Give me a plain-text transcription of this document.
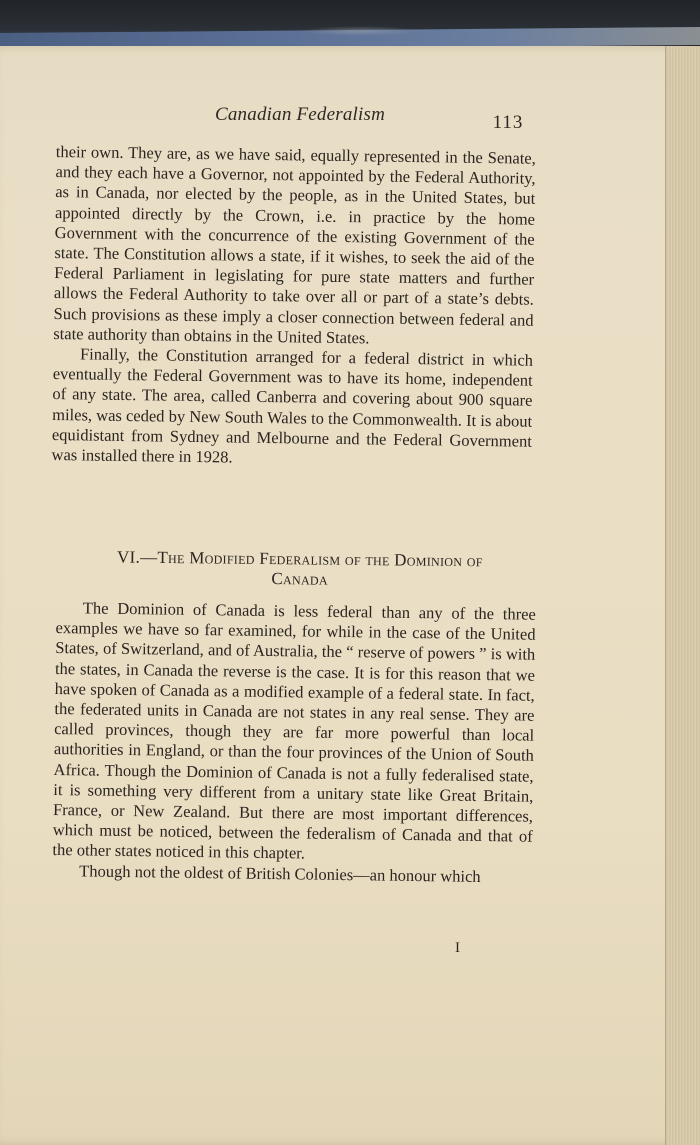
Canadian Federalism	113

their own. They are, as we have said, equally represented in the Senate, and they each have a Governor, not appointed by the Federal Authority, as in Canada, nor elected by the people, as in the United States, but appointed directly by the Crown, i.e. in practice by the home Government with the concurrence of the existing Government of the state. The Constitution allows a state, if it wishes, to seek the aid of the Federal Parliament in legislating for pure state matters and further allows the Federal Authority to take over all or part of a state’s debts. Such provisions as these imply a closer connection between federal and state authority than obtains in the United States.

Finally, the Constitution arranged for a federal district in which eventually the Federal Government was to have its home, independent of any state. The area, called Canberra and covering about 900 square miles, was ceded by New South Wales to the Commonwealth. It is about equidistant from Sydney and Melbourne and the Federal Government was installed there in 1928.

VI.—The Modified Federalism of the Dominion of
Canada

The Dominion of Canada is less federal than any of the three examples we have so far examined, for while in the case of the United States, of Switzerland, and of Australia, the “ reserve of powers ” is with the states, in Canada the reverse is the case. It is for this reason that we have spoken of Canada as a modified example of a federal state. In fact, the federated units in Canada are not states in any real sense. They are called provinces, though they are far more powerful than local authorities in England, or than the four provinces of the Union of South Africa. Though the Dominion of Canada is not a fully federalised state, it is something very different from a unitary state like Great Britain, France, or New Zealand. But there are most important differences, which must be noticed, between the federalism of Canada and that of the other states noticed in this chapter.

Though not the oldest of British Colonies—an honour which

I
